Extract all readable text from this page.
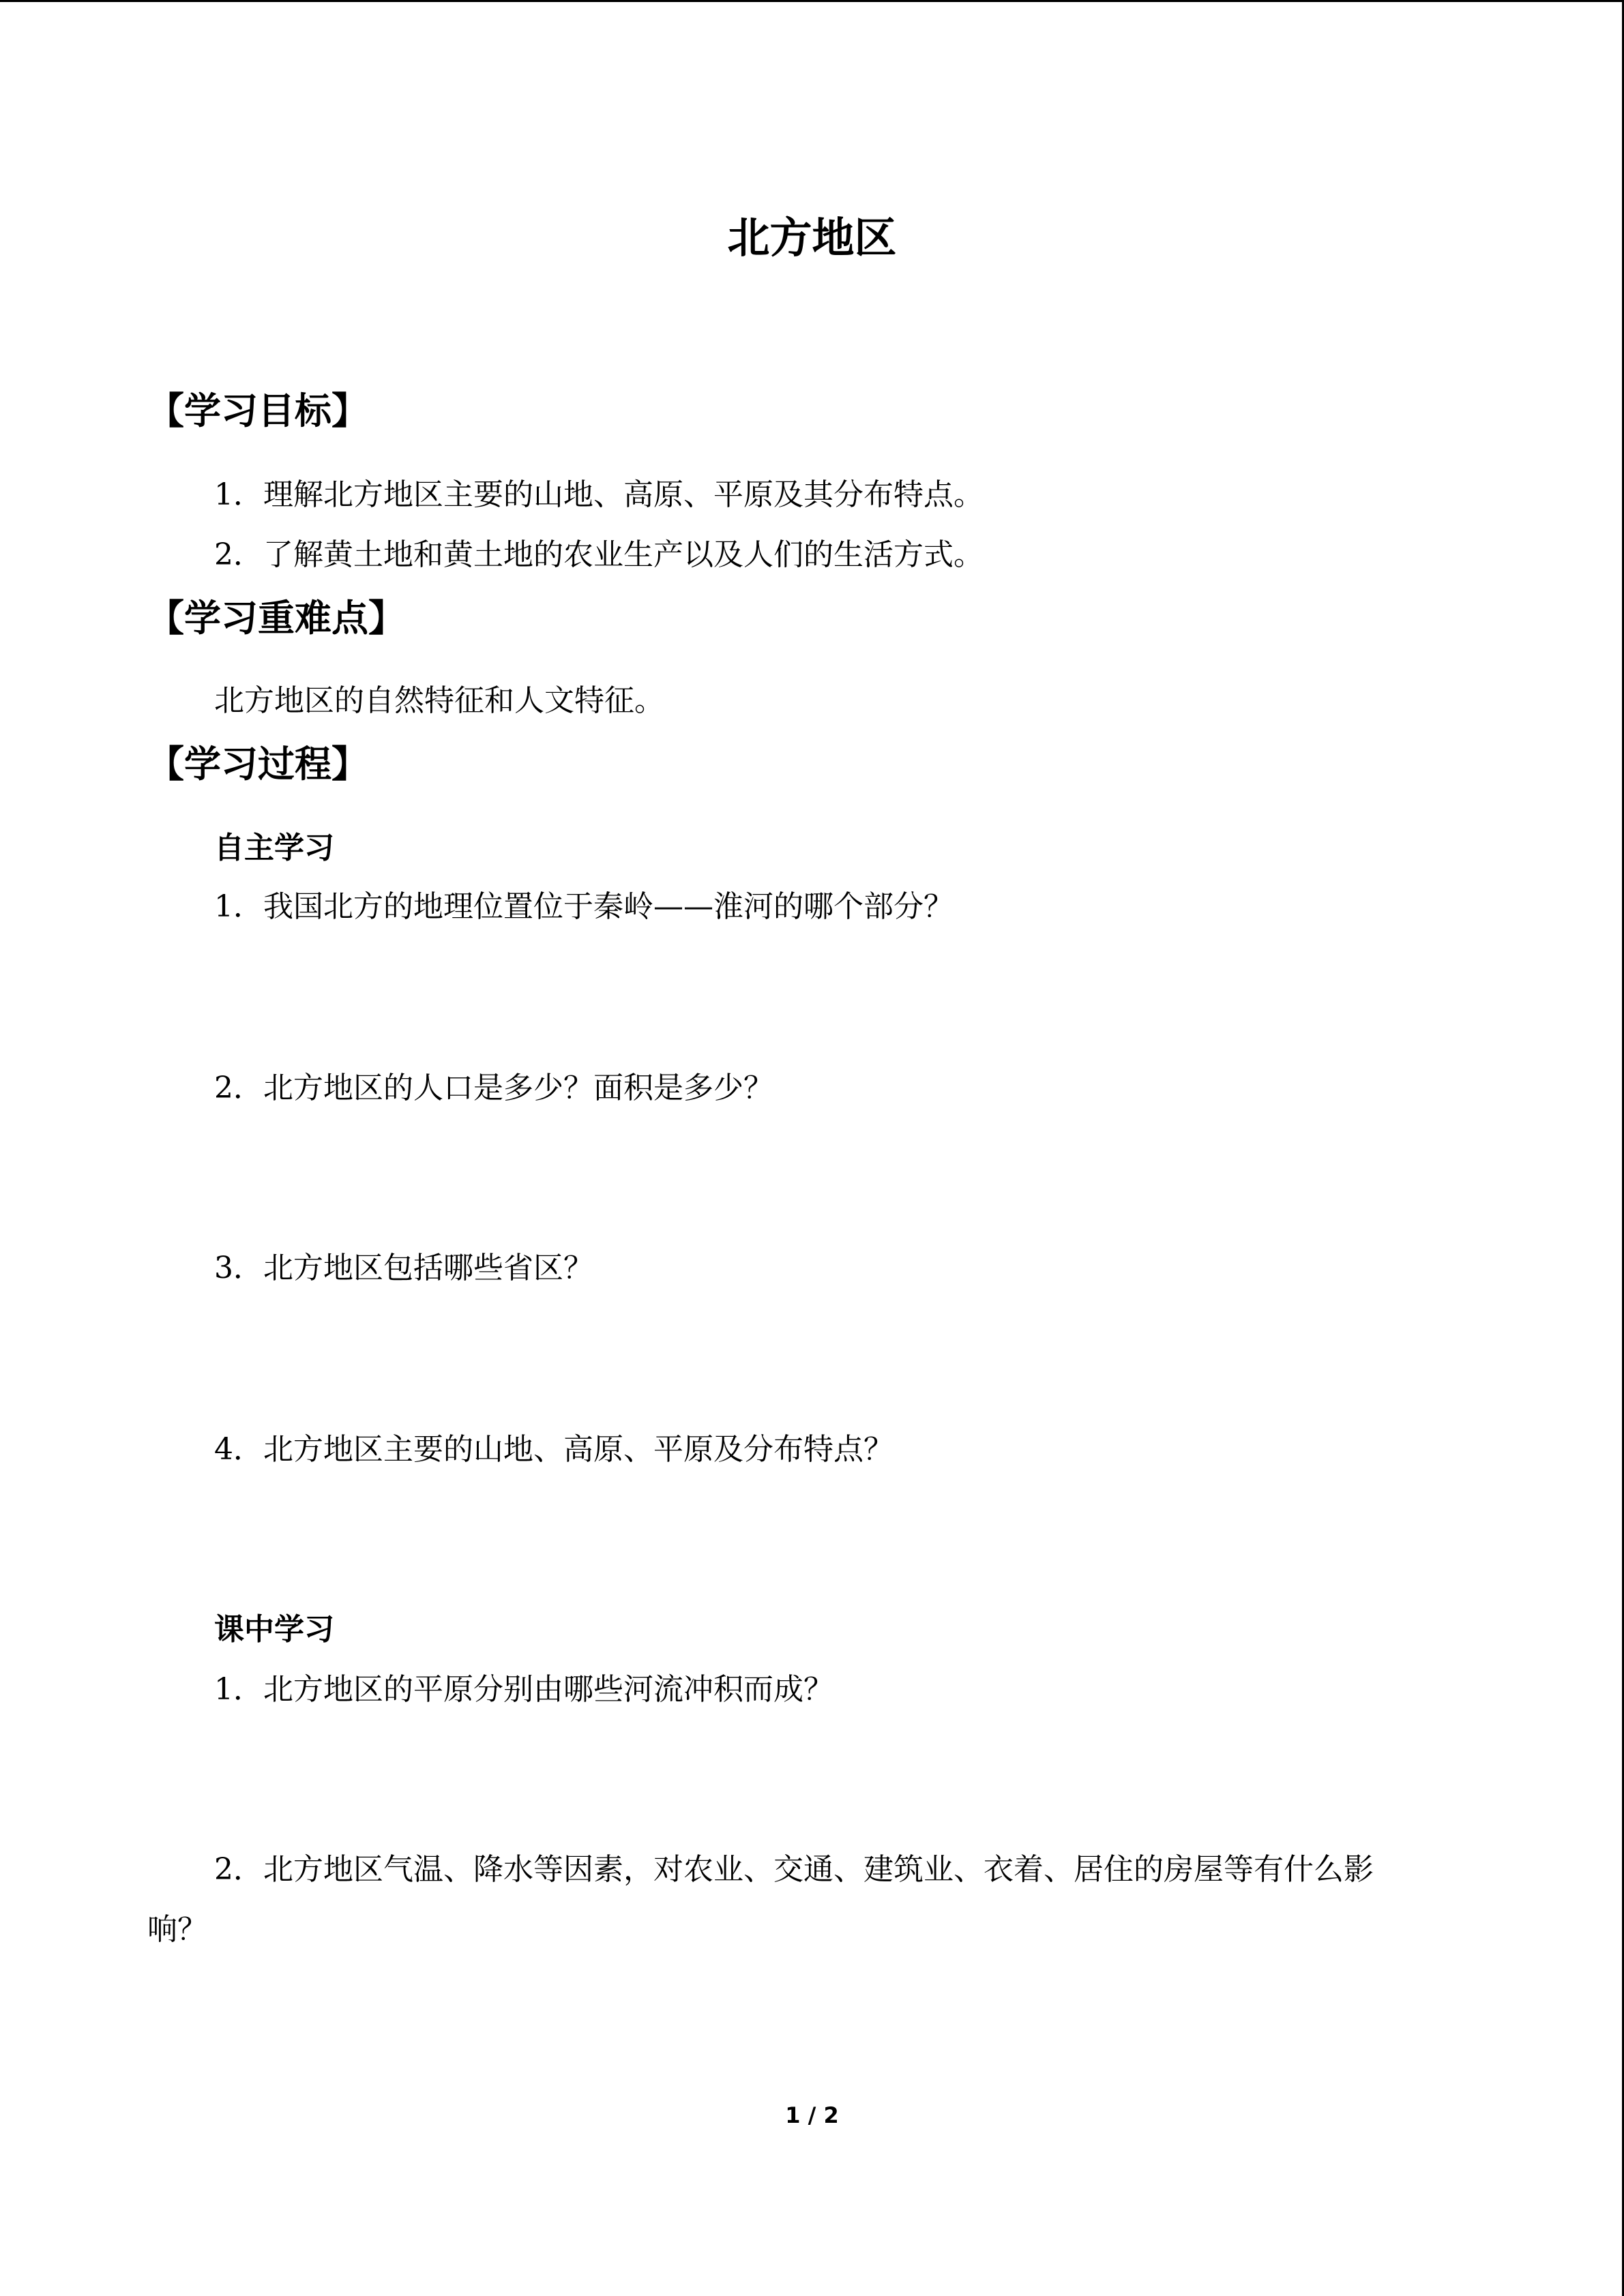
北方地区
【学习目标】
1．理解北方地区主要的山地、高原、平原及其分布特点。
2．了解黄土地和黄土地的农业生产以及人们的生活方式。
【学习重难点】
北方地区的自然特征和人文特征。
【学习过程】
自主学习
1．我国北方的地理位置位于秦岭——淮河的哪个部分？
2．北方地区的人口是多少？面积是多少？
3．北方地区包括哪些省区？
4．北方地区主要的山地、高原、平原及分布特点？
课中学习
1．北方地区的平原分别由哪些河流冲积而成？
2．北方地区气温、降水等因素，对农业、交通、建筑业、衣着、居住的房屋等有什么影
响？
1 / 2
